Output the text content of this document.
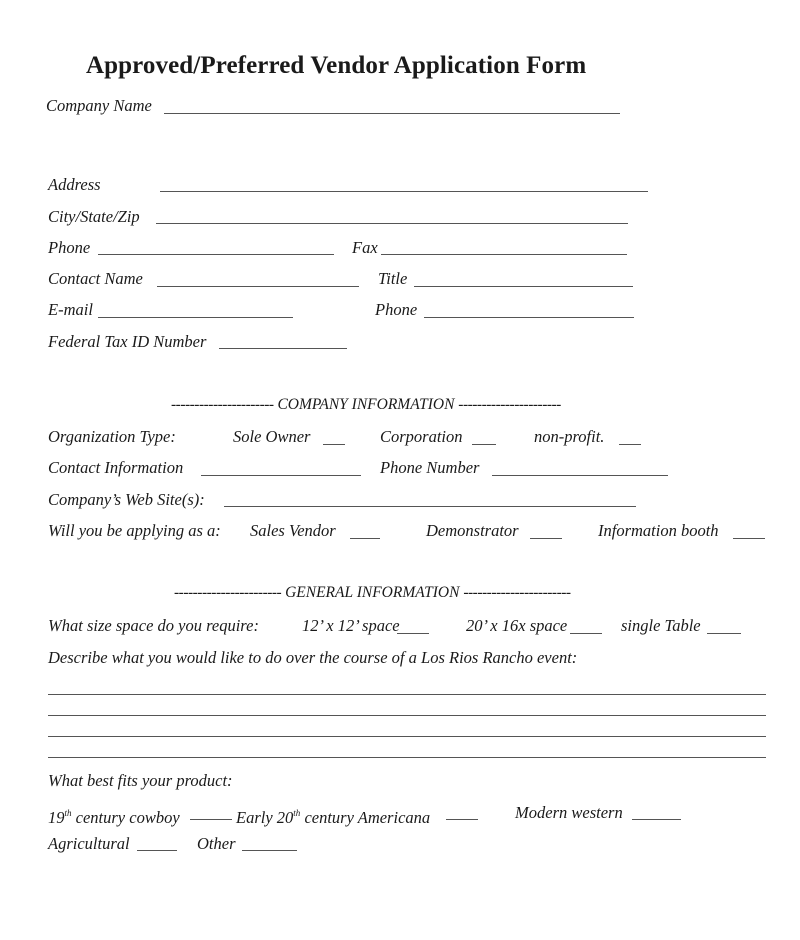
Approved/Preferred Vendor Application Form
Company Name
Address
City/State/Zip
Phone	Fax
Contact Name	Title
E-mail	Phone
Federal Tax ID Number
---------------------- COMPANY INFORMATION ----------------------
Organization Type:	Sole Owner	Corporation	non-profit.
Contact Information	Phone Number
Company’s Web Site(s):
Will you be applying as a: Sales Vendor	Demonstrator	Information booth
----------------------- GENERAL INFORMATION -----------------------
What size space do you require:	12’ x 12’ space	20’ x 16x space	single Table
Describe what you would like to do over the course of a Los Rios Rancho event:
What best fits your product:
19th century cowboy	Early 20th century Americana	Modern western
Agricultural	Other
